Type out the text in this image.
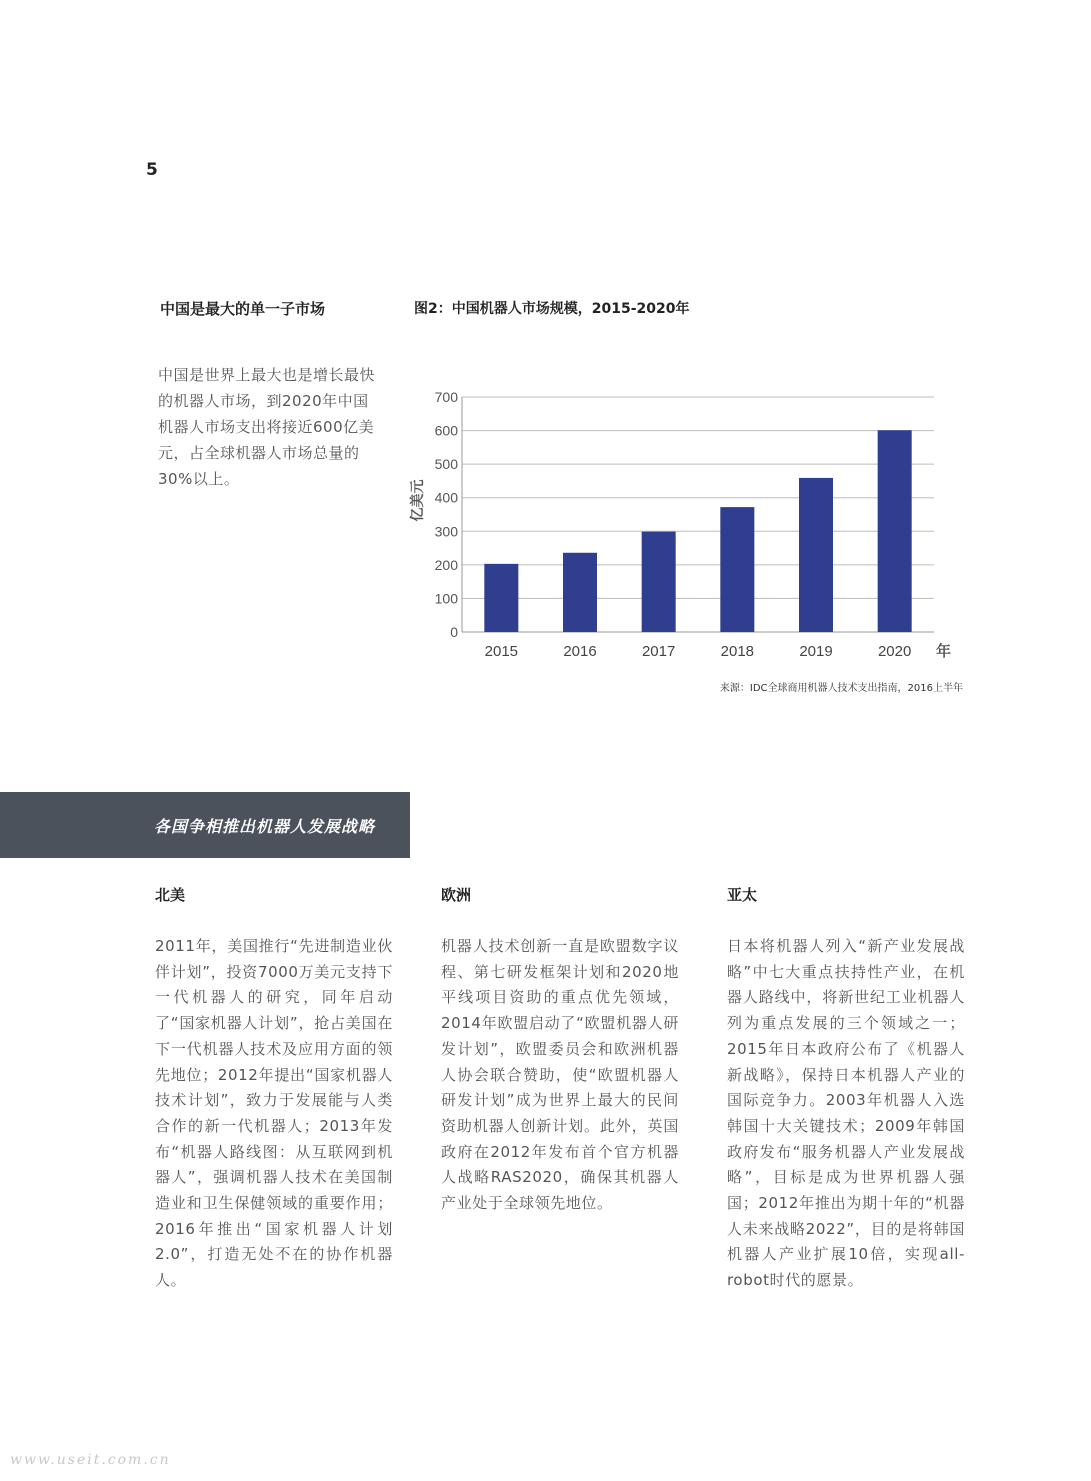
5
中国是最大的单一子市场
中国是世界上最大也是增长最快的机器人市场，到2020年中国机器人市场支出将接近600亿美元，占全球机器人市场总量的30%以上。
图2：中国机器人市场规模，2015-2020年
0
100
200
300
400
500
600
700
2015	2016	2017	2018	2019	2020
亿美元
年
来源：IDC全球商用机器人技术支出指南，2016上半年
各国争相推出机器人发展战略
北美
2011年，美国推行“先进制造业伙伴计划”，投资7000万美元支持下一代机器人的研究，同年启动了“国家机器人计划”，抢占美国在下一代机器人技术及应用方面的领先地位；2012年提出“国家机器人技术计划”，致力于发展能与人类合作的新一代机器人；2013年发布“机器人路线图：从互联网到机器人”，强调机器人技术在美国制造业和卫生保健领域的重要作用；2016年推出“国家机器人计划2.0”，打造无处不在的协作机器人。
欧洲
机器人技术创新一直是欧盟数字议程、第七研发框架计划和2020地平线项目资助的重点优先领域，2014年欧盟启动了“欧盟机器人研发计划”，欧盟委员会和欧洲机器人协会联合赞助，使“欧盟机器人研发计划”成为世界上最大的民间资助机器人创新计划。此外，英国政府在2012年发布首个官方机器人战略RAS2020，确保其机器人产业处于全球领先地位。
亚太
日本将机器人列入“新产业发展战略”中七大重点扶持性产业，在机器人路线中，将新世纪工业机器人列为重点发展的三个领域之一；2015年日本政府公布了《机器人新战略》，保持日本机器人产业的国际竞争力。2003年机器人入选韩国十大关键技术；2009年韩国政府发布“服务机器人产业发展战略”，目标是成为世界机器人强国；2012年推出为期十年的“机器人未来战略2022”，目的是将韩国机器人产业扩展10倍，实现all-robot时代的愿景。
www.useit.com.cn
